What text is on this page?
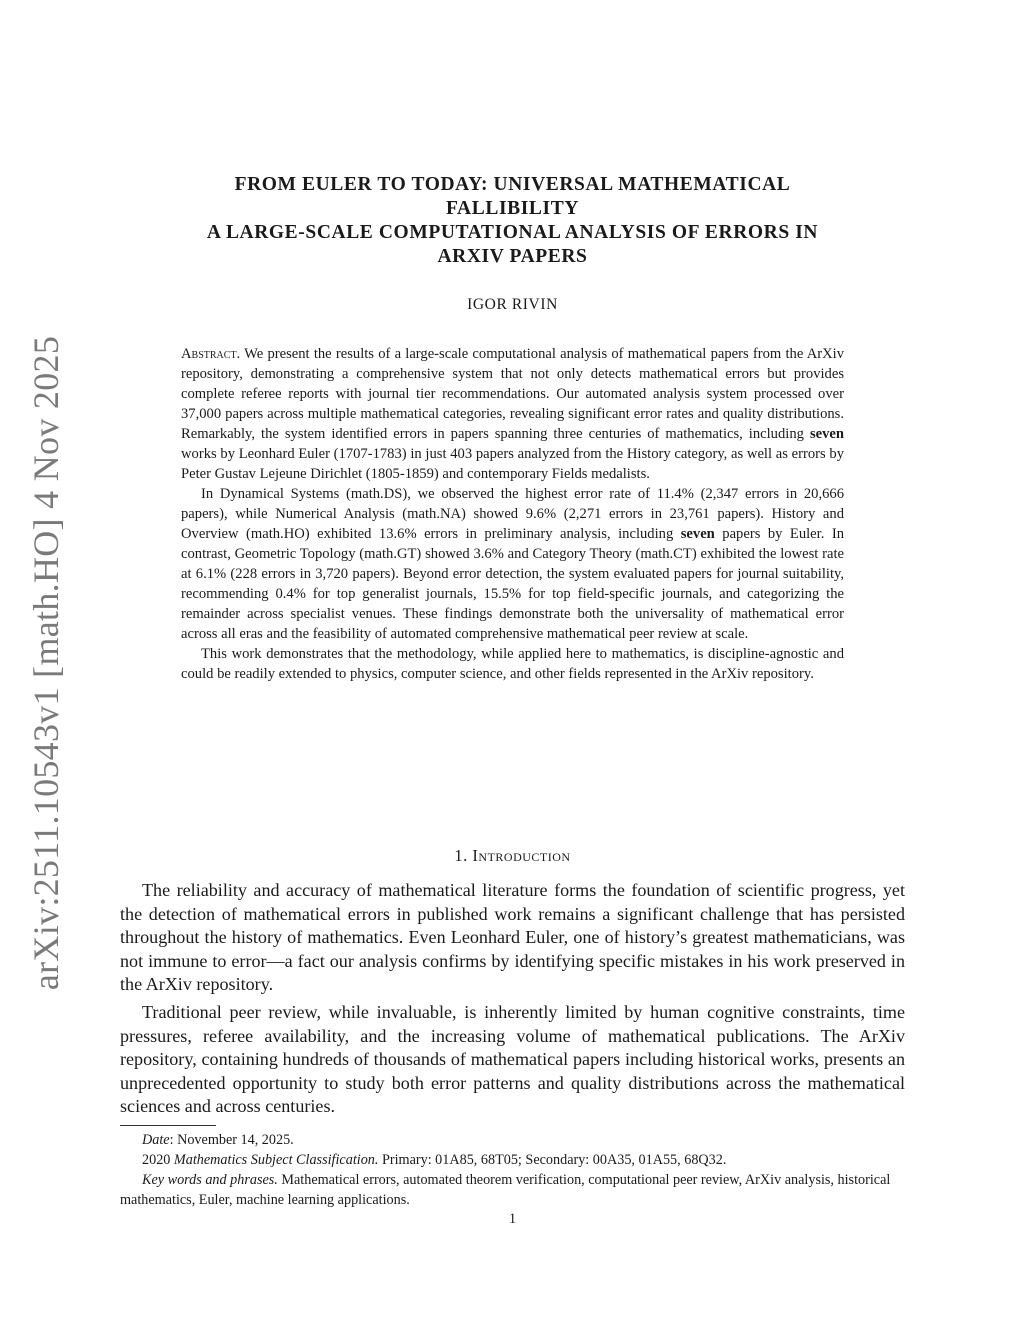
arXiv:2511.10543v1 [math.HO] 4 Nov 2025
FROM EULER TO TODAY: UNIVERSAL MATHEMATICAL
FALLIBILITY
A LARGE-SCALE COMPUTATIONAL ANALYSIS OF ERRORS IN
ARXIV PAPERS
IGOR RIVIN

Abstract. We present the results of a large-scale computational analysis of mathematical papers from the ArXiv repository, demonstrating a comprehensive system that not only detects mathematical errors but provides complete referee reports with journal tier recommendations. Our automated analysis system processed over 37,000 papers across multiple mathematical categories, revealing significant error rates and quality distributions. Remarkably, the system identified errors in papers spanning three centuries of mathematics, including seven works by Leonhard Euler (1707-1783) in just 403 papers analyzed from the History category, as well as errors by Peter Gustav Lejeune Dirichlet (1805-1859) and contemporary Fields medalists.

In Dynamical Systems (math.DS), we observed the highest error rate of 11.4% (2,347 errors in 20,666 papers), while Numerical Analysis (math.NA) showed 9.6% (2,271 errors in 23,761 papers). History and Overview (math.HO) exhibited 13.6% errors in preliminary analysis, including seven papers by Euler. In contrast, Geometric Topology (math.GT) showed 3.6% and Category Theory (math.CT) exhibited the lowest rate at 6.1% (228 errors in 3,720 papers). Beyond error detection, the system evaluated papers for journal suitability, recommending 0.4% for top generalist journals, 15.5% for top field-specific journals, and categorizing the remainder across specialist venues. These findings demonstrate both the universality of mathematical error across all eras and the feasibility of automated comprehensive mathematical peer review at scale.

This work demonstrates that the methodology, while applied here to mathematics, is discipline-agnostic and could be readily extended to physics, computer science, and other fields represented in the ArXiv repository.

1. Introduction

The reliability and accuracy of mathematical literature forms the foundation of scientific progress, yet the detection of mathematical errors in published work remains a significant challenge that has persisted throughout the history of mathematics. Even Leonhard Euler, one of history’s greatest mathematicians, was not immune to error—a fact our analysis confirms by identifying specific mistakes in his work preserved in the ArXiv repository.

Traditional peer review, while invaluable, is inherently limited by human cognitive constraints, time pressures, referee availability, and the increasing volume of mathematical publications. The ArXiv repository, containing hundreds of thousands of mathematical papers including historical works, presents an unprecedented opportunity to study both error patterns and quality distributions across the mathematical sciences and across centuries.

Date: November 14, 2025.

2020 Mathematics Subject Classification. Primary: 01A85, 68T05; Secondary: 00A35, 01A55, 68Q32.

Key words and phrases. Mathematical errors, automated theorem verification, computational peer review, ArXiv analysis, historical mathematics, Euler, machine learning applications.

1
